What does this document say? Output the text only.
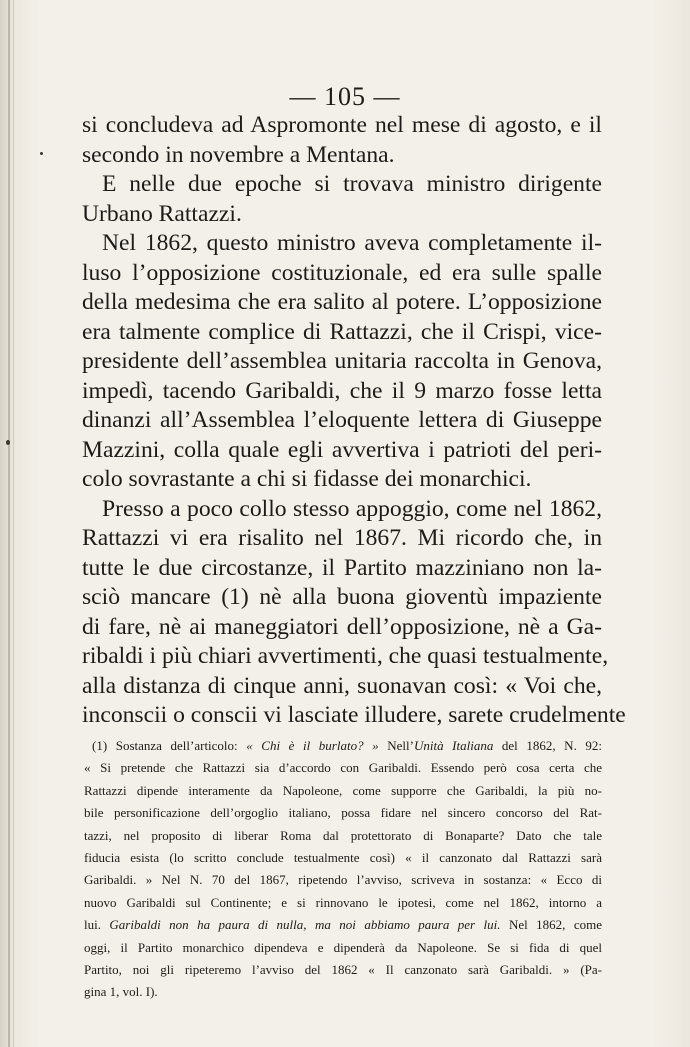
— 105 —
si concludeva ad Aspromonte nel mese di agosto, e il
secondo in novembre a Mentana.
E nelle due epoche si trovava ministro dirigente
Urbano Rattazzi.
Nel 1862, questo ministro aveva completamente il-
luso l’opposizione costituzionale, ed era sulle spalle
della medesima che era salito al potere. L’opposizione
era talmente complice di Rattazzi, che il Crispi, vice-
presidente dell’assemblea unitaria raccolta in Genova,
impedì, tacendo Garibaldi, che il 9 marzo fosse letta
dinanzi all’Assemblea l’eloquente lettera di Giuseppe
Mazzini, colla quale egli avvertiva i patrioti del peri-
colo sovrastante a chi si fidasse dei monarchici.
Presso a poco collo stesso appoggio, come nel 1862,
Rattazzi vi era risalito nel 1867. Mi ricordo che, in
tutte le due circostanze, il Partito mazziniano non la-
sciò mancare (1) nè alla buona gioventù impaziente
di fare, nè ai maneggiatori dell’opposizione, nè a Ga-
ribaldi i più chiari avvertimenti, che quasi testualmente,
alla distanza di cinque anni, suonavan così: « Voi che,
inconscii o conscii vi lasciate illudere, sarete crudelmente
(1) Sostanza dell’articolo: « Chi è il burlato? » Nell’Unità Italiana del 1862, N. 92:
« Si pretende che Rattazzi sia d’accordo con Garibaldi. Essendo però cosa certa che
Rattazzi dipende interamente da Napoleone, come supporre che Garibaldi, la più no-
bile personificazione dell’orgoglio italiano, possa fidare nel sincero concorso del Rat-
tazzi, nel proposito di liberar Roma dal protettorato di Bonaparte? Dato che tale
fiducia esista (lo scritto conclude testualmente così) « il canzonato dal Rattazzi sarà
Garibaldi. » Nel N. 70 del 1867, ripetendo l’avviso, scriveva in sostanza: « Ecco di
nuovo Garibaldi sul Continente; e si rinnovano le ipotesi, come nel 1862, intorno a
lui. Garibaldi non ha paura di nulla, ma noi abbiamo paura per lui. Nel 1862, come
oggi, il Partito monarchico dipendeva e dipenderà da Napoleone. Se si fida di quel
Partito, noi gli ripeteremo l’avviso del 1862 « Il canzonato sarà Garibaldi. » (Pa-
gina 1, vol. I).
